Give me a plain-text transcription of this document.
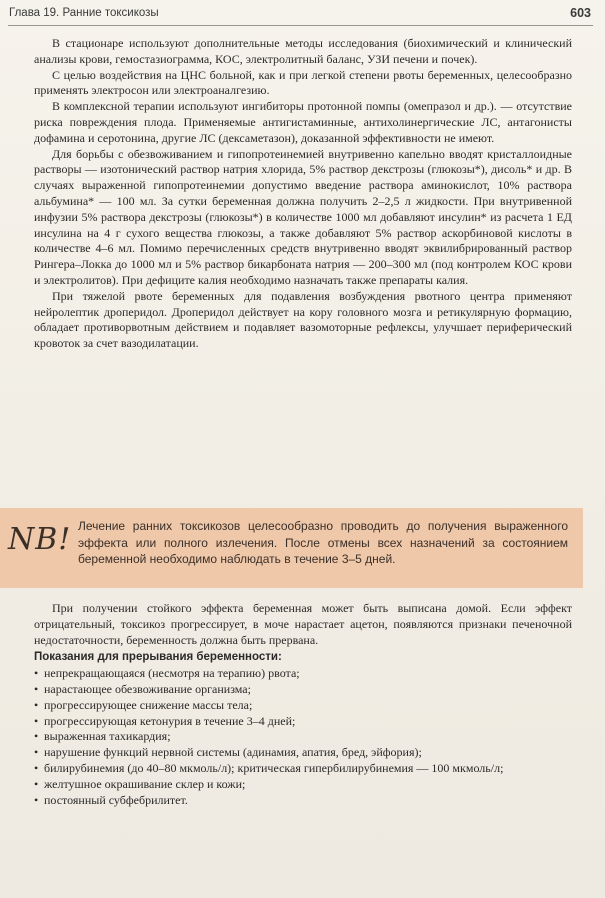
Глава 19. Ранние токсикозы	603

В стационаре используют дополнительные методы исследования (биохимический и клинический анализы крови, гемостазиограмма, КОС, электролитный баланс, УЗИ печени и почек).

С целью воздействия на ЦНС больной, как и при легкой степени рвоты беременных, целесообразно применять электросон или электроаналгезию.

В комплексной терапии используют ингибиторы протонной помпы (омепразол и др.). — отсутствие риска повреждения плода. Применяемые антигистаминные, антихолинергические ЛС, антагонисты дофамина и серотонина, другие ЛС (дексаметазон), доказанной эффективности не имеют.

Для борьбы с обезвоживанием и гипопротеинемией внутривенно капельно вводят кристаллоидные растворы — изотонический раствор натрия хлорида, 5% раствор декстрозы (глюкозы*), дисоль* и др. В случаях выраженной гипопротеинемии допустимо введение раствора аминокислот, 10% раствора альбумина* — 100 мл. За сутки беременная должна получить 2–2,5 л жидкости. При внутривенной инфузии 5% раствора декстрозы (глюкозы*) в количестве 1000 мл добавляют инсулин* из расчета 1 ЕД инсулина на 4 г сухого вещества глюкозы, а также добавляют 5% раствор аскорбиновой кислоты в количестве 4–6 мл. Помимо перечисленных средств внутривенно вводят эквилибрированный раствор Рингера–Локка до 1000 мл и 5% раствор бикарбоната натрия — 200–300 мл (под контролем КОС крови и электролитов). При дефиците калия необходимо назначать также препараты калия.

При тяжелой рвоте беременных для подавления возбуждения рвотного центра применяют нейролептик дроперидол. Дроперидол действует на кору головного мозга и ретикулярную формацию, обладает противорвотным действием и подавляет вазомоторные рефлексы, улучшает периферический кровоток за счет вазодилатации.

NB! Лечение ранних токсикозов целесообразно проводить до получения выраженного эффекта или полного излечения. После отмены всех назначений за состоянием беременной необходимо наблюдать в течение 3–5 дней.

При получении стойкого эффекта беременная может быть выписана домой. Если эффект отрицательный, токсикоз прогрессирует, в моче нарастает ацетон, появляются признаки печеночной недостаточности, беременность должна быть прервана.

Показания для прерывания беременности:
• непрекращающаяся (несмотря на терапию) рвота;
• нарастающее обезвоживание организма;
• прогрессирующее снижение массы тела;
• прогрессирующая кетонурия в течение 3–4 дней;
• выраженная тахикардия;
• нарушение функций нервной системы (адинамия, апатия, бред, эйфория);
• билирубинемия (до 40–80 мкмоль/л); критическая гипербилирубинемия — 100 мкмоль/л;
• желтушное окрашивание склер и кожи;
• постоянный субфебрилитет.
